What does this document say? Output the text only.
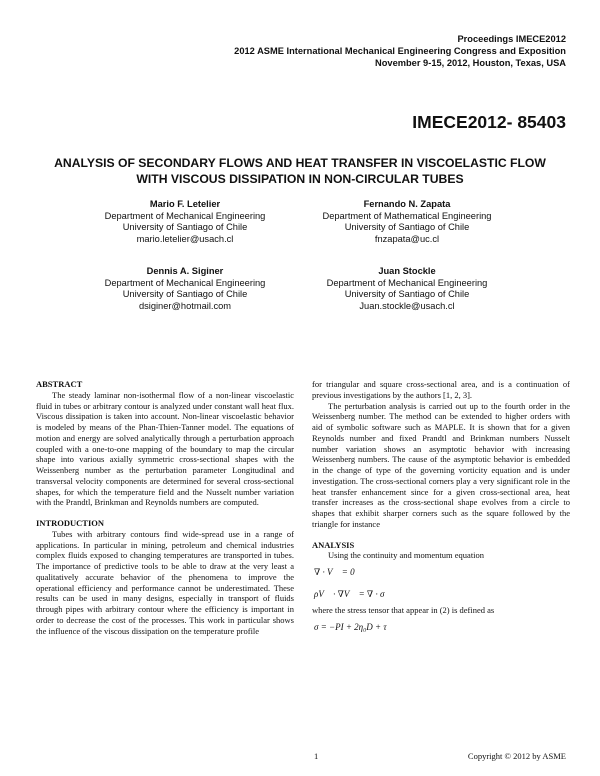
Proceedings IMECE2012
2012 ASME International Mechanical Engineering Congress and Exposition
November 9-15, 2012, Houston, Texas, USA
IMECE2012- 85403
ANALYSIS OF SECONDARY FLOWS AND HEAT TRANSFER IN VISCOELASTIC FLOW WITH VISCOUS DISSIPATION IN NON-CIRCULAR TUBES
Mario F. Letelier
Department of Mechanical Engineering
University of Santiago of Chile
mario.letelier@usach.cl
Fernando N. Zapata
Department of Mathematical Engineering
University of Santiago of Chile
fnzapata@uc.cl
Dennis A. Siginer
Department of Mechanical Engineering
University of Santiago of Chile
dsiginer@hotmail.com
Juan Stockle
Department of Mechanical Engineering
University of Santiago of Chile
Juan.stockle@usach.cl
ABSTRACT

The steady laminar non-isothermal flow of a non-linear viscoelastic fluid in tubes or arbitrary contour is analyzed under constant wall heat flux. Viscous dissipation is taken into account. Non-linear viscoelastic behavior is modeled by means of the Phan-Thien-Tanner model. The equations of motion and energy are solved analytically through a perturbation approach coupled with a one-to-one mapping of the boundary to map the circular shape into various axially symmetric cross-sectional shapes with the Weissenberg number as the perturbation parameter Longitudinal and transversal velocity components are determined for several cross-sectional shapes, for which the temperature field and the Nusselt number variation with the Prandtl, Brinkman and Reynolds numbers are computed.

INTRODUCTION

Tubes with arbitrary contours find wide-spread use in a range of applications. In particular in mining, petroleum and chemical industries complex fluids exposed to changing temperatures are transported in tubes. The importance of predictive tools to be able to draw at the very least a qualitatively accurate behavior of the phenomena to improve the operational efficiency and performance cannot be underestimated. These results can be used in many designs, especially in transport of fluids through pipes with arbitrary contour where the efficiency is important in order to decrease the cost of the processes. This work in particular shows the influence of the viscous dissipation on the temperature profile

for triangular and square cross-sectional area, and is a continuation of previous investigations by the authors [1, 2, 3].

The perturbation analysis is carried out up to the fourth order in the Weissenberg number. The method can be extended to higher orders with aid of symbolic software such as MAPLE. It is shown that for a given Reynolds number and fixed Prandtl and Brinkman numbers Nusselt number variation shows an asymptotic behavior with increasing Weissenberg numbers. The cause of the asymptotic behavior is embedded in the change of type of the governing vorticity equation and is under investigation. The cross-sectional corners play a very significant role in the heat transfer enhancement since for a given cross-sectional area, heat transfer increases as the cross-sectional shape evolves from a circle to shapes that exhibit sharper corners such as the square followed by the triangle for instance

ANALYSIS

Using the continuity and momentum equation

∇ · V⃗ = 0
ρV⃗ · ∇V⃗ = ∇ · σ

where the stress tensor that appear in (2) is defined as

σ = −PI + 2η₀D + τ
1	Copyright © 2012 by ASME
